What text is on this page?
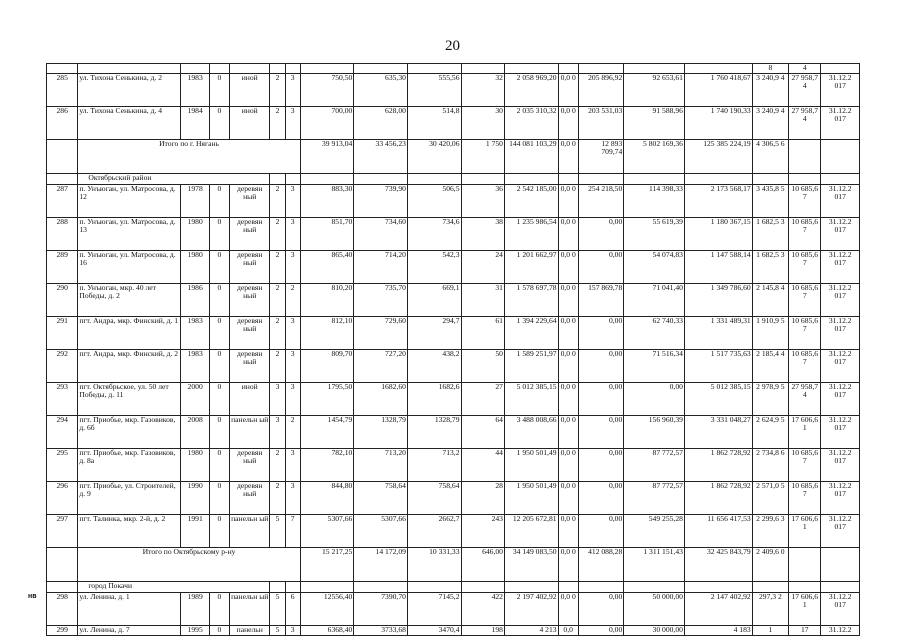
20
																8	4	
285	ул. Тихона Сенькина, д. 2	1983	0	иной	2	3	750,50	635,30	555,56	32	2 058 969,20	0,0 0	205 896,92	92 653,61	1 760 418,67	3 240,9 4	27 958,7 4	31.12.2 017
286	ул. Тихона Сенькина, д. 4	1984	0	иной	2	3	700,00	628,00	514,8	30	2 035 310,32	0,0 0	203 531,03	91 588,96	1 740 190,33	3 240,9 4	27 958,7 4	31.12.2 017
	Итого по г. Нягань						39 913,04	33 456,23	30 420,06	1 750	144 081 103,29	0,0 0	12 893 709,74	5 802 169,36	125 385 224,19	4 306,5 6		
	Октябрьский район																	
287	п. Унъюган, ул. Матросова, д. 12	1978	0	деревян ный	2	3	883,30	739,90	506,5	36	2 542 185,00	0,0 0	254 218,50	114 398,33	2 173 568,17	3 435,8 5	10 685,6 7	31.12.2 017
288	п. Унъюган, ул. Матросова, д. 13	1980	0	деревян ный	2	3	851,70	734,60	734,6	38	1 235 986,54	0,0 0	0,00	55 619,39	1 180 367,15	1 682,5 3	10 685,6 7	31.12.2 017
289	п. Унъюган, ул. Матросова, д. 16	1980	0	деревян ный	2	3	865,40	714,20	542,3	24	1 201 662,97	0,0 0	0,00	54 074,83	1 147 588,14	1 682,5 3	10 685,6 7	31.12.2 017
290	п. Унъюган, мкр. 40 лет Победы, д. 2	1986	0	деревян ный	2	2	810,20	735,70	669,1	31	1 578 697,78	0,0 0	157 869,78	71 041,40	1 349 786,60	2 145,8 4	10 685,6 7	31.12.2 017
291	пгт. Андра, мкр. Финский, д. 1	1983	0	деревян ный	2	3	812,10	729,60	294,7	61	1 394 229,64	0,0 0	0,00	62 740,33	1 331 489,31	1 910,9 5	10 685,6 7	31.12.2 017
292	пгт. Андра, мкр. Финский, д. 2	1983	0	деревян ный	2	3	809,70	727,20	438,2	50	1 589 251,97	0,0 0	0,00	71 516,34	1 517 735,63	2 185,4 4	10 685,6 7	31.12.2 017
293	пгт. Октябрьское, ул. 50 лет Победы, д. 11	2000	0	иной	3	3	1795,50	1682,60	1682,6	27	5 012 385,15	0,0 0	0,00	0,00	5 012 385,15	2 978,9 5	27 958,7 4	31.12.2 017
294	пгт. Приобье, мкр. Газовиков, д. 6б	2008	0	панельн ый	3	2	1454,79	1328,79	1328,79	64	3 488 008,66	0,0 0	0,00	156 960,39	3 331 048,27	2 624,9 5	17 606,6 1	31.12.2 017
295	пгт. Приобье, мкр. Газовиков, д. 8а	1980	0	деревян ный	2	3	782,10	713,20	713,2	44	1 950 501,49	0,0 0	0,00	87 772,57	1 862 728,92	2 734,8 6	10 685,6 7	31.12.2 017
296	пгт. Приобье, ул. Строителей, д. 9	1990	0	деревян ный	2	3	844,80	758,64	758,64	28	1 950 501,49	0,0 0	0,00	87 772,57	1 862 728,92	2 571,0 5	10 685,6 7	31.12.2 017
297	пгт. Талинка, мкр. 2-й, д. 2	1991	0	панельн ый	5	7	5307,66	5307,66	2662,7	243	12 205 672,81	0,0 0	0,00	549 255,28	11 656 417,53	2 299,6 3	17 606,6 1	31.12.2 017
	Итого по Октябрьскому р-ну						15 217,25	14 172,09	10 331,33	646,00	34 149 083,50	0,0 0	412 088,28	1 311 151,43	32 425 843,79	2 409,6 0		
	город Покачи																	
298	ул. Ленина, д. 1	1989	0	панельн ый	5	6	12556,40	7390,70	7145,2	422	2 197 402,92	0,0 0	0,00	50 000,00	2 147 402,92	297,3 2	17 606,6 1	31.12.2 017
299	ул. Ленина, д. 7	1995	0	панельн	5	3	6368,40	3733,68	3470,4	198	4 213	0,0	0,00	30 000,00	4 183	1	17	31.12.2
нв
